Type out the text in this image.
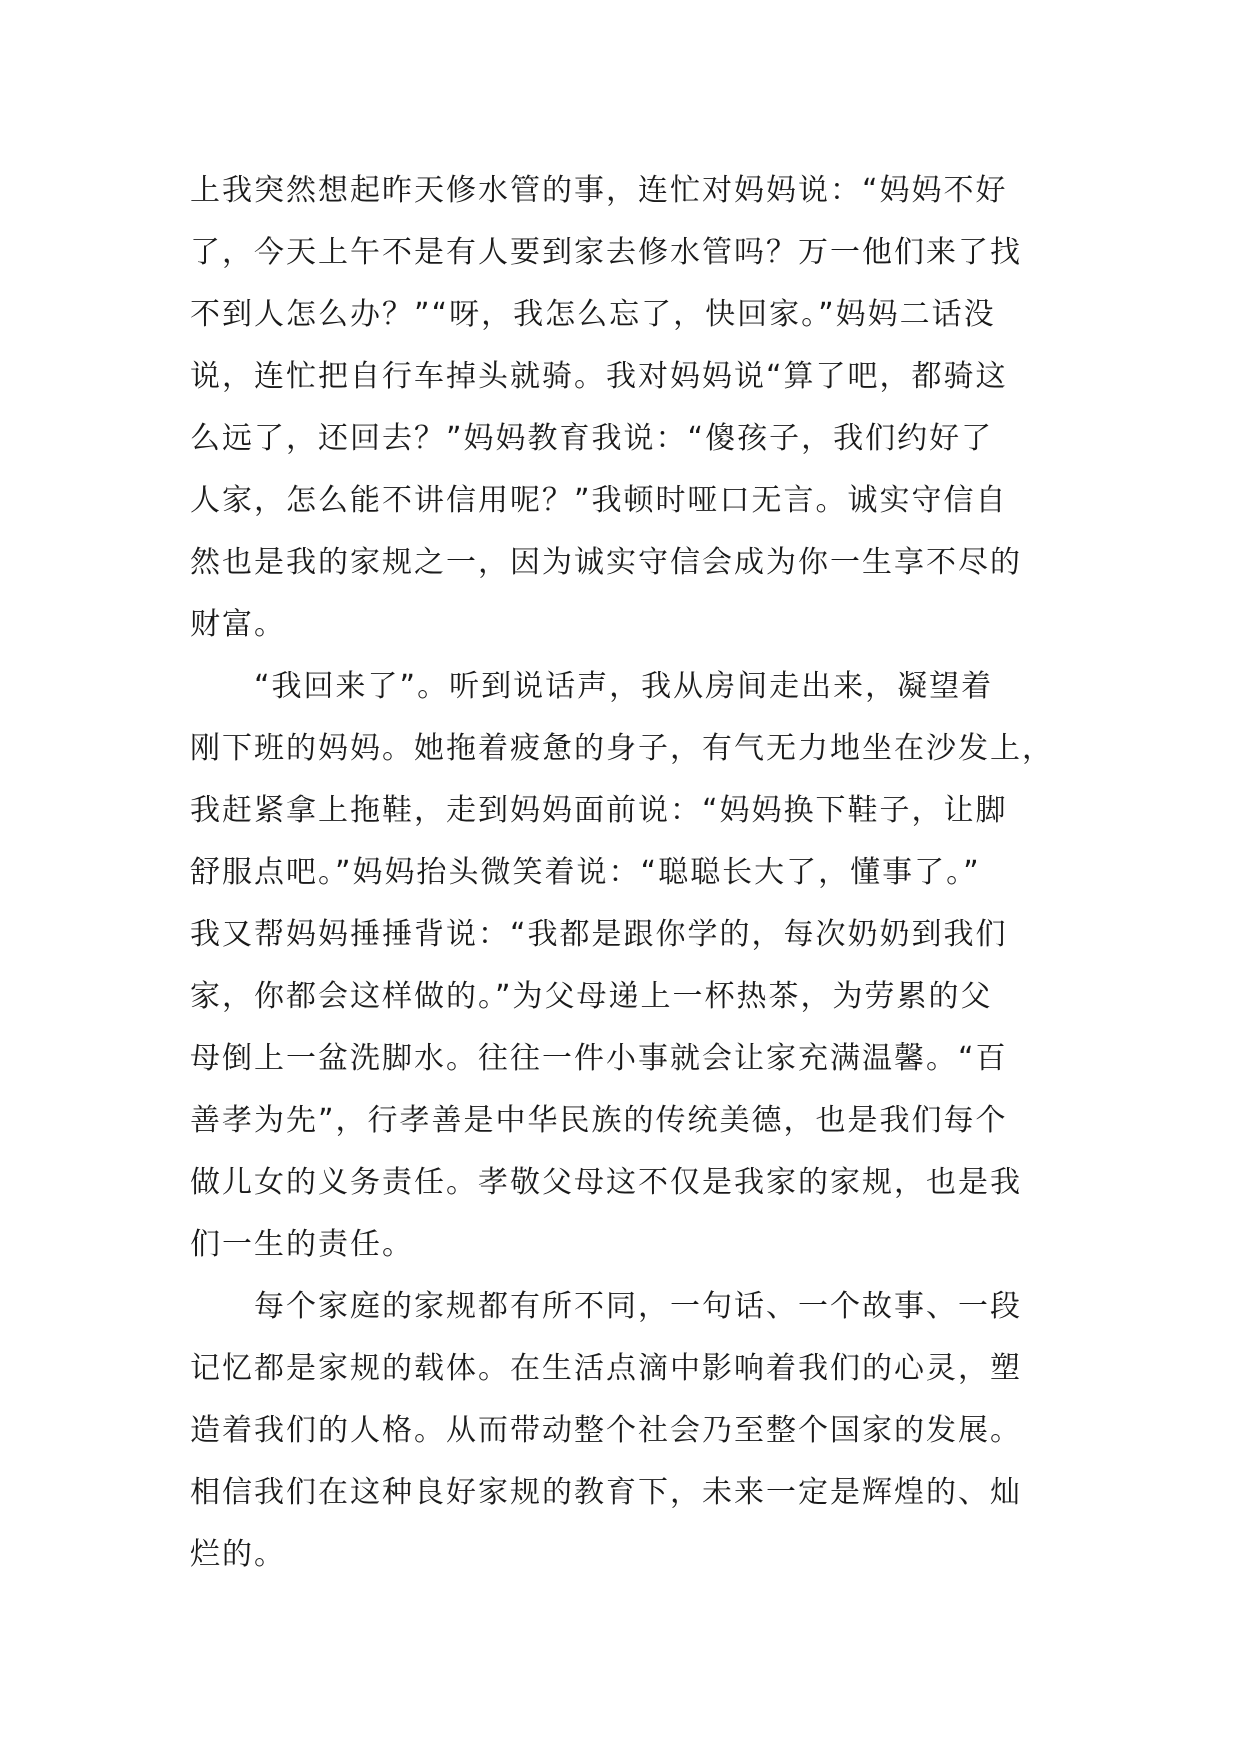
上我突然想起昨天修水管的事，连忙对妈妈说：“妈妈不好
了，今天上午不是有人要到家去修水管吗？万一他们来了找
不到人怎么办？”“呀，我怎么忘了，快回家。”妈妈二话没
说，连忙把自行车掉头就骑。我对妈妈说“算了吧，都骑这
么远了，还回去？”妈妈教育我说：“傻孩子，我们约好了
人家，怎么能不讲信用呢？”我顿时哑口无言。诚实守信自
然也是我的家规之一，因为诚实守信会成为你一生享不尽的
财富。
　　“我回来了”。听到说话声，我从房间走出来，凝望着
刚下班的妈妈。她拖着疲惫的身子，有气无力地坐在沙发上，
我赶紧拿上拖鞋，走到妈妈面前说：“妈妈换下鞋子，让脚
舒服点吧。”妈妈抬头微笑着说：“聪聪长大了，懂事了。”
我又帮妈妈捶捶背说：“我都是跟你学的，每次奶奶到我们
家，你都会这样做的。”为父母递上一杯热茶，为劳累的父
母倒上一盆洗脚水。往往一件小事就会让家充满温馨。“百
善孝为先”，行孝善是中华民族的传统美德，也是我们每个
做儿女的义务责任。孝敬父母这不仅是我家的家规，也是我
们一生的责任。
　　每个家庭的家规都有所不同，一句话、一个故事、一段
记忆都是家规的载体。在生活点滴中影响着我们的心灵，塑
造着我们的人格。从而带动整个社会乃至整个国家的发展。
相信我们在这种良好家规的教育下，未来一定是辉煌的、灿
烂的。
